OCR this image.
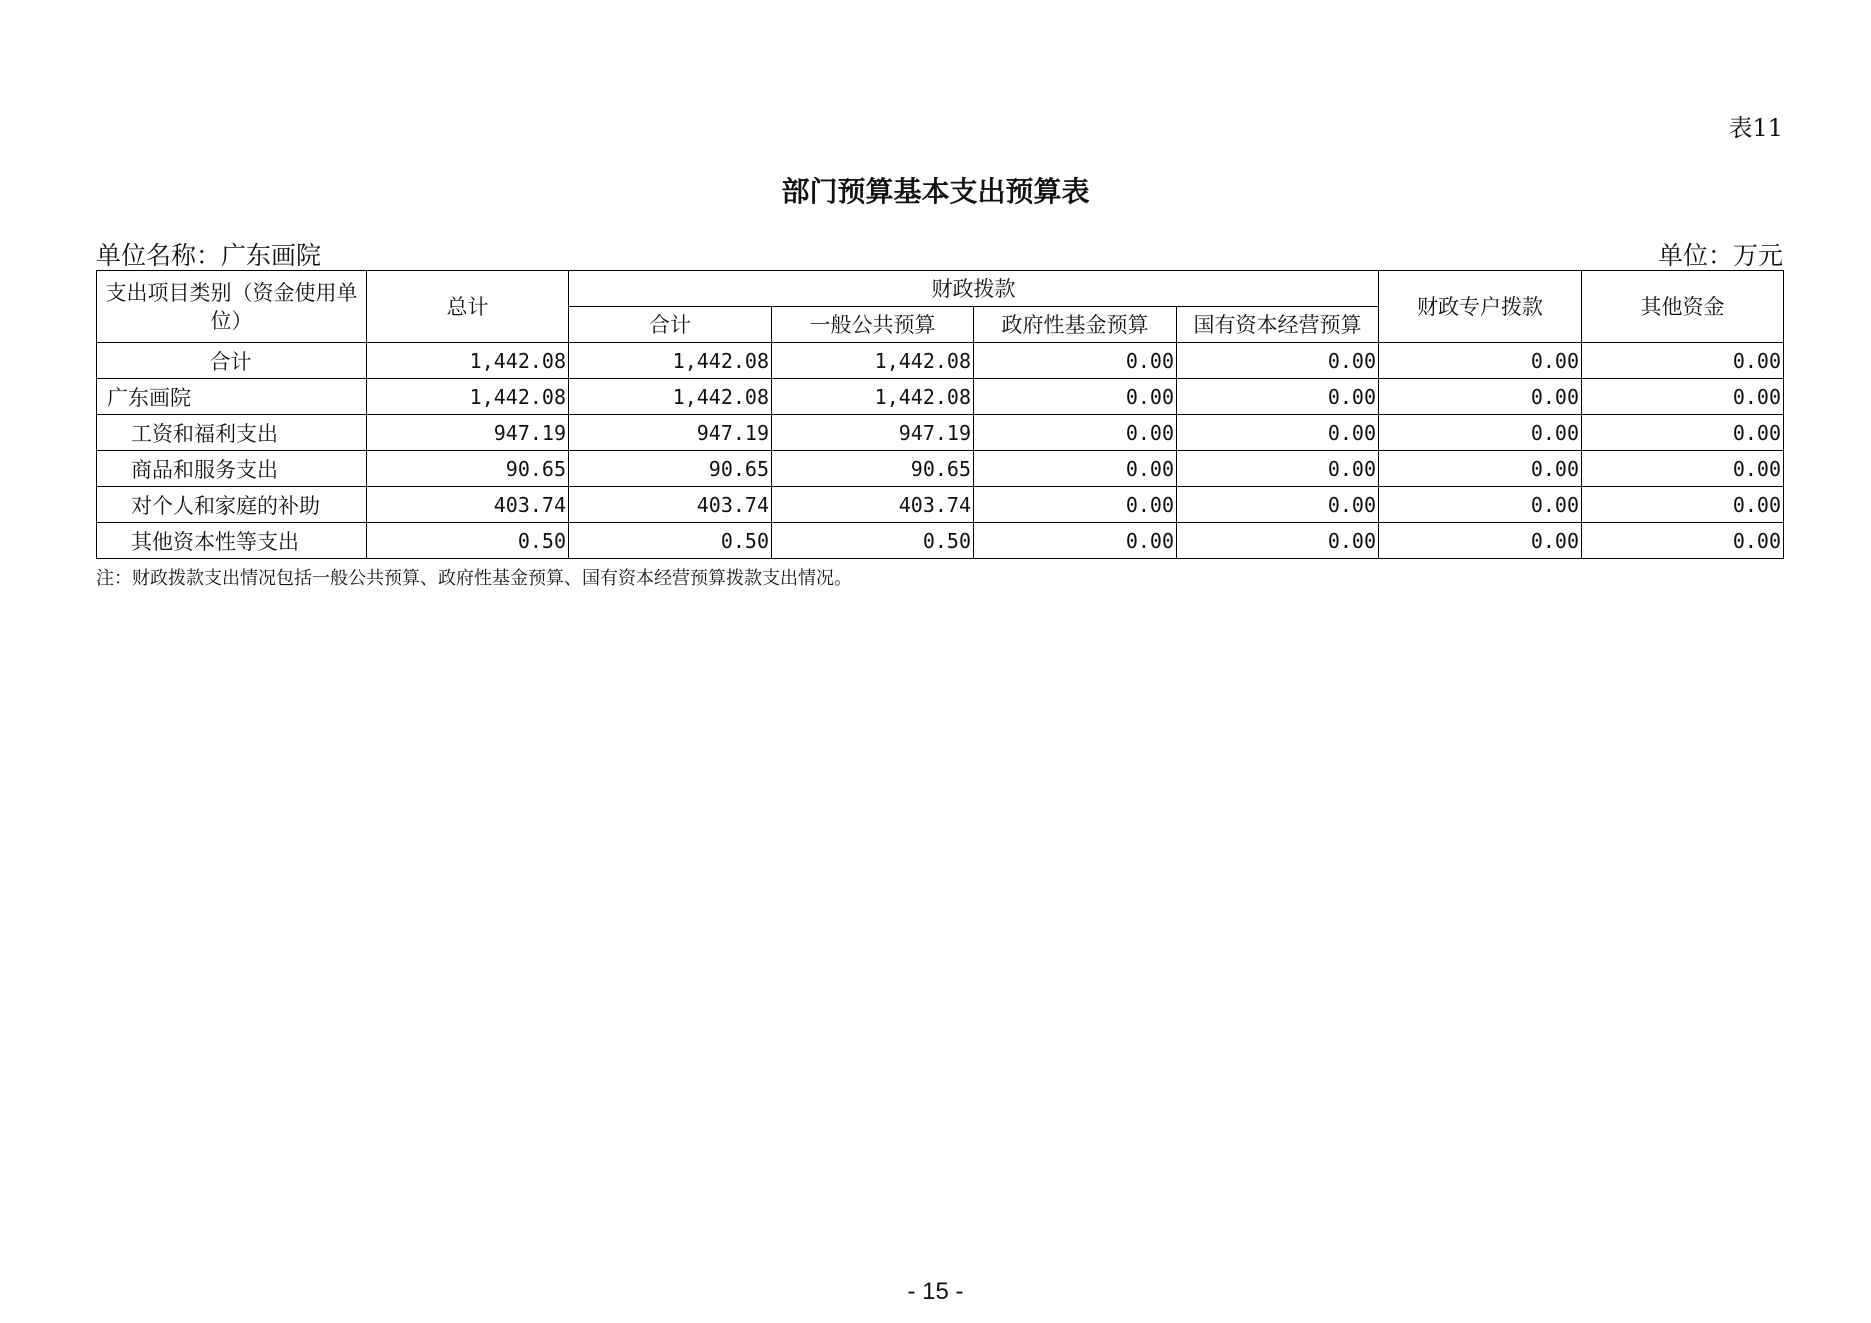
表11
部门预算基本支出预算表
单位名称：广东画院	单位：万元
支出项目类别（资金使用单位）	总计	财政拨款				财政专户拨款	其他资金
		合计	一般公共预算	政府性基金预算	国有资本经营预算		
合计	1,442.08	1,442.08	1,442.08	0.00	0.00	0.00	0.00
广东画院	1,442.08	1,442.08	1,442.08	0.00	0.00	0.00	0.00
工资和福利支出	947.19	947.19	947.19	0.00	0.00	0.00	0.00
商品和服务支出	90.65	90.65	90.65	0.00	0.00	0.00	0.00
对个人和家庭的补助	403.74	403.74	403.74	0.00	0.00	0.00	0.00
其他资本性等支出	0.50	0.50	0.50	0.00	0.00	0.00	0.00
注：财政拨款支出情况包括一般公共预算、政府性基金预算、国有资本经营预算拨款支出情况。
- 15 -
